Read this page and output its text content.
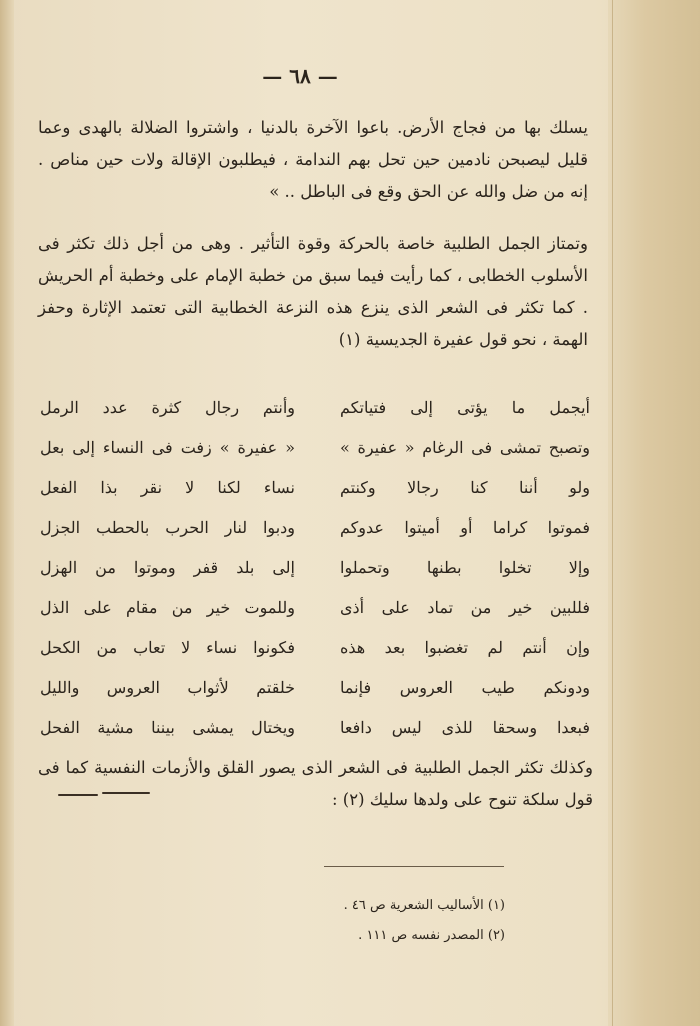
— ٦٨ —
يسلك بها من فجاج الأرض. باعوا الآخرة بالدنيا ، واشتروا الضلالة بالهدى وعما قليل ليصبحن نادمين حين تحل بهم الندامة ، فيطلبون الإقالة ولات حين مناص . إنه من ضل والله عن الحق وقع فى الباطل .. »
وتمتاز الجمل الطلبية خاصة بالحركة وقوة التأثير . وهى من أجل ذلك تكثر فى الأسلوب الخطابى ، كما رأيت فيما سبق من خطبة الإمام على وخطبة أم الحريش . كما تكثر فى الشعر الذى ينزع هذه النزعة الخطابية التى تعتمد الإثارة وحفز الهمة ، نحو قول عفيرة الجديسية (١)
أيجمل ما يؤتى إلى فتياتكم
وأنتم رجال كثرة عدد الرمل
وتصبح تمشى فى الرغام « عفيرة »
« عفيرة » زفت فى النساء إلى بعل
ولو أننا كنا رجالا وكنتم
نساء لكنا لا نقر بذا الفعل
فموتوا كراما أو أميتوا عدوكم
ودبوا لنار الحرب بالحطب الجزل
وإلا تخلوا بطنها وتحملوا
إلى بلد قفر وموتوا من الهزل
فللبين خير من تماد على أذى
وللموت خير من مقام على الذل
وإن أنتم لم تغضبوا بعد هذه
فكونوا نساء لا تعاب من الكحل
ودونكم طيب العروس فإنما
خلقتم لأثواب العروس والليل
فبعدا وسحقا للذى ليس دافعا
ويختال يمشى بيننا مشية الفحل
وكذلك تكثر الجمل الطلبية فى الشعر الذى يصور القلق والأزمات النفسية كما فى قول سلكة تنوح على ولدها سليك (٢) :
(١) الأساليب الشعرية ص ٤٦ .
(٢) المصدر نفسه ص ١١١ .
